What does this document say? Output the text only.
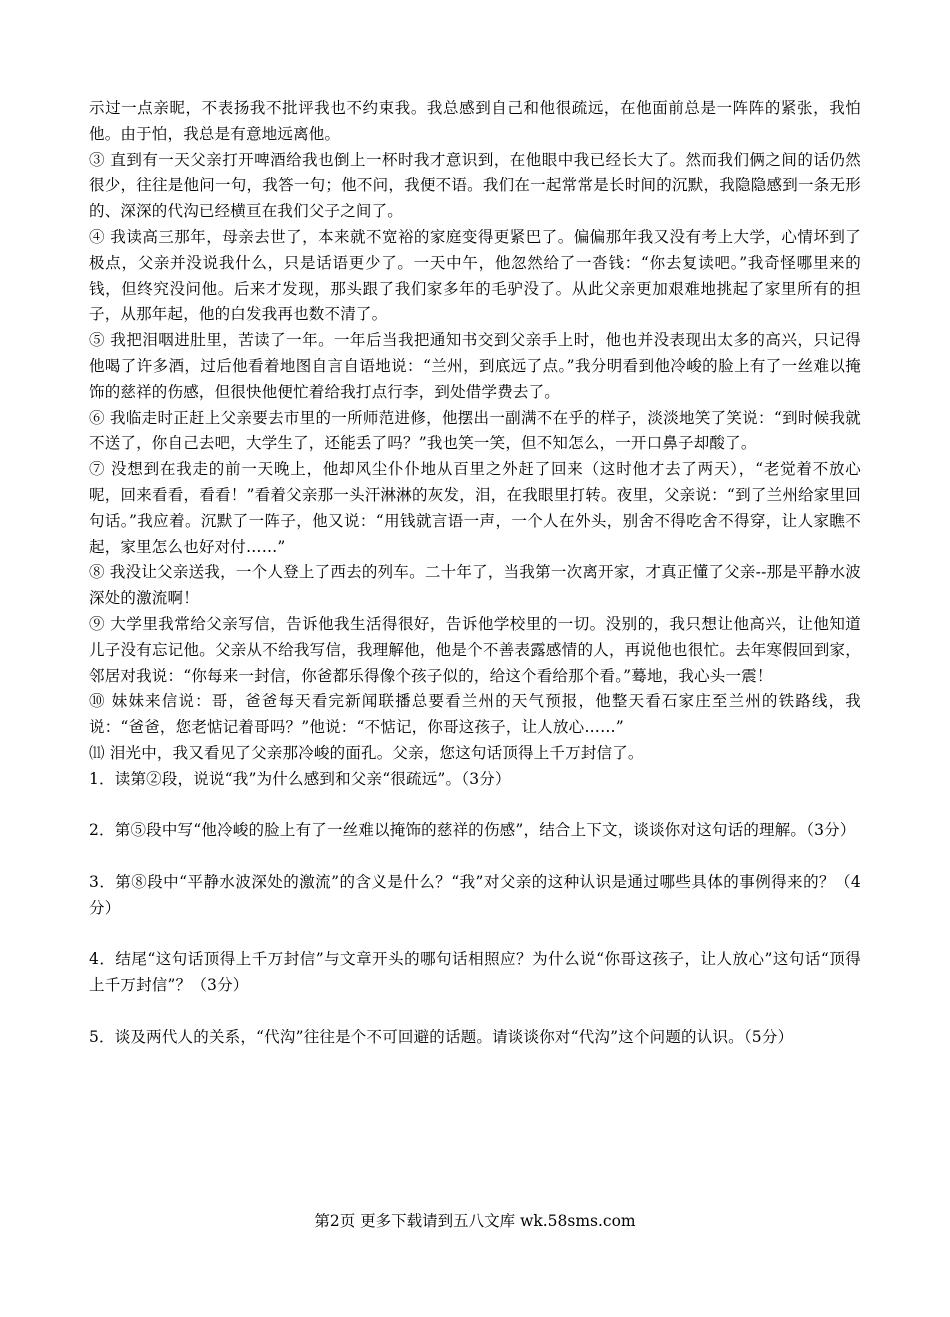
示过一点亲昵，不表扬我不批评我也不约束我。我总感到自己和他很疏远，在他面前总是一阵阵的紧张，我怕他。由于怕，我总是有意地远离他。

③ 直到有一天父亲打开啤酒给我也倒上一杯时我才意识到，在他眼中我已经长大了。然而我们俩之间的话仍然很少，往往是他问一句，我答一句；他不问，我便不语。我们在一起常常是长时间的沉默，我隐隐感到一条无形的、深深的代沟已经横亘在我们父子之间了。

④ 我读高三那年，母亲去世了，本来就不宽裕的家庭变得更紧巴了。偏偏那年我又没有考上大学，心情坏到了极点，父亲并没说我什么，只是话语更少了。一天中午，他忽然给了一沓钱：“你去复读吧。”我奇怪哪里来的钱，但终究没问他。后来才发现，那头跟了我们家多年的毛驴没了。从此父亲更加艰难地挑起了家里所有的担子，从那年起，他的白发我再也数不清了。

⑤ 我把泪咽进肚里，苦读了一年。一年后当我把通知书交到父亲手上时，他也并没表现出太多的高兴，只记得他喝了许多酒，过后他看着地图自言自语地说：“兰州，到底远了点。”我分明看到他冷峻的脸上有了一丝难以掩饰的慈祥的伤感，但很快他便忙着给我打点行李，到处借学费去了。

⑥ 我临走时正赶上父亲要去市里的一所师范进修，他摆出一副满不在乎的样子，淡淡地笑了笑说：“到时候我就不送了，你自己去吧，大学生了，还能丢了吗？”我也笑一笑，但不知怎么，一开口鼻子却酸了。

⑦ 没想到在我走的前一天晚上，他却风尘仆仆地从百里之外赶了回来（这时他才去了两天），“老觉着不放心呢，回来看看，看看！”看着父亲那一头汗淋淋的灰发，泪，在我眼里打转。夜里，父亲说：“到了兰州给家里回句话。”我应着。沉默了一阵子，他又说：“用钱就言语一声，一个人在外头，别舍不得吃舍不得穿，让人家瞧不起，家里怎么也好对付……”

⑧ 我没让父亲送我，一个人登上了西去的列车。二十年了，当我第一次离开家，才真正懂了父亲--那是平静水波深处的激流啊！

⑨ 大学里我常给父亲写信，告诉他我生活得很好，告诉他学校里的一切。没别的，我只想让他高兴，让他知道儿子没有忘记他。父亲从不给我写信，我理解他，他是个不善表露感情的人，再说他也很忙。去年寒假回到家，邻居对我说：“你每来一封信，你爸都乐得像个孩子似的，给这个看给那个看。”蓦地，我心头一震！

⑩ 妹妹来信说：哥，爸爸每天看完新闻联播总要看兰州的天气预报，他整天看石家庄至兰州的铁路线，我说：“爸爸，您老惦记着哥吗？”他说：“不惦记，你哥这孩子，让人放心……”

⑾ 泪光中，我又看见了父亲那冷峻的面孔。父亲，您这句话顶得上千万封信了。

1．读第②段，说说“我”为什么感到和父亲“很疏远”。（3分）

2．第⑤段中写“他冷峻的脸上有了一丝难以掩饰的慈祥的伤感”，结合上下文，谈谈你对这句话的理解。（3分）

3．第⑧段中“平静水波深处的激流”的含义是什么？“我”对父亲的这种认识是通过哪些具体的事例得来的？（4分）

4．结尾“这句话顶得上千万封信”与文章开头的哪句话相照应？为什么说“你哥这孩子，让人放心”这句话“顶得上千万封信”？（3分）

5．谈及两代人的关系，“代沟”往往是个不可回避的话题。请谈谈你对“代沟”这个问题的认识。（5分）

第2页 更多下载请到五八文库 wk.58sms.com
